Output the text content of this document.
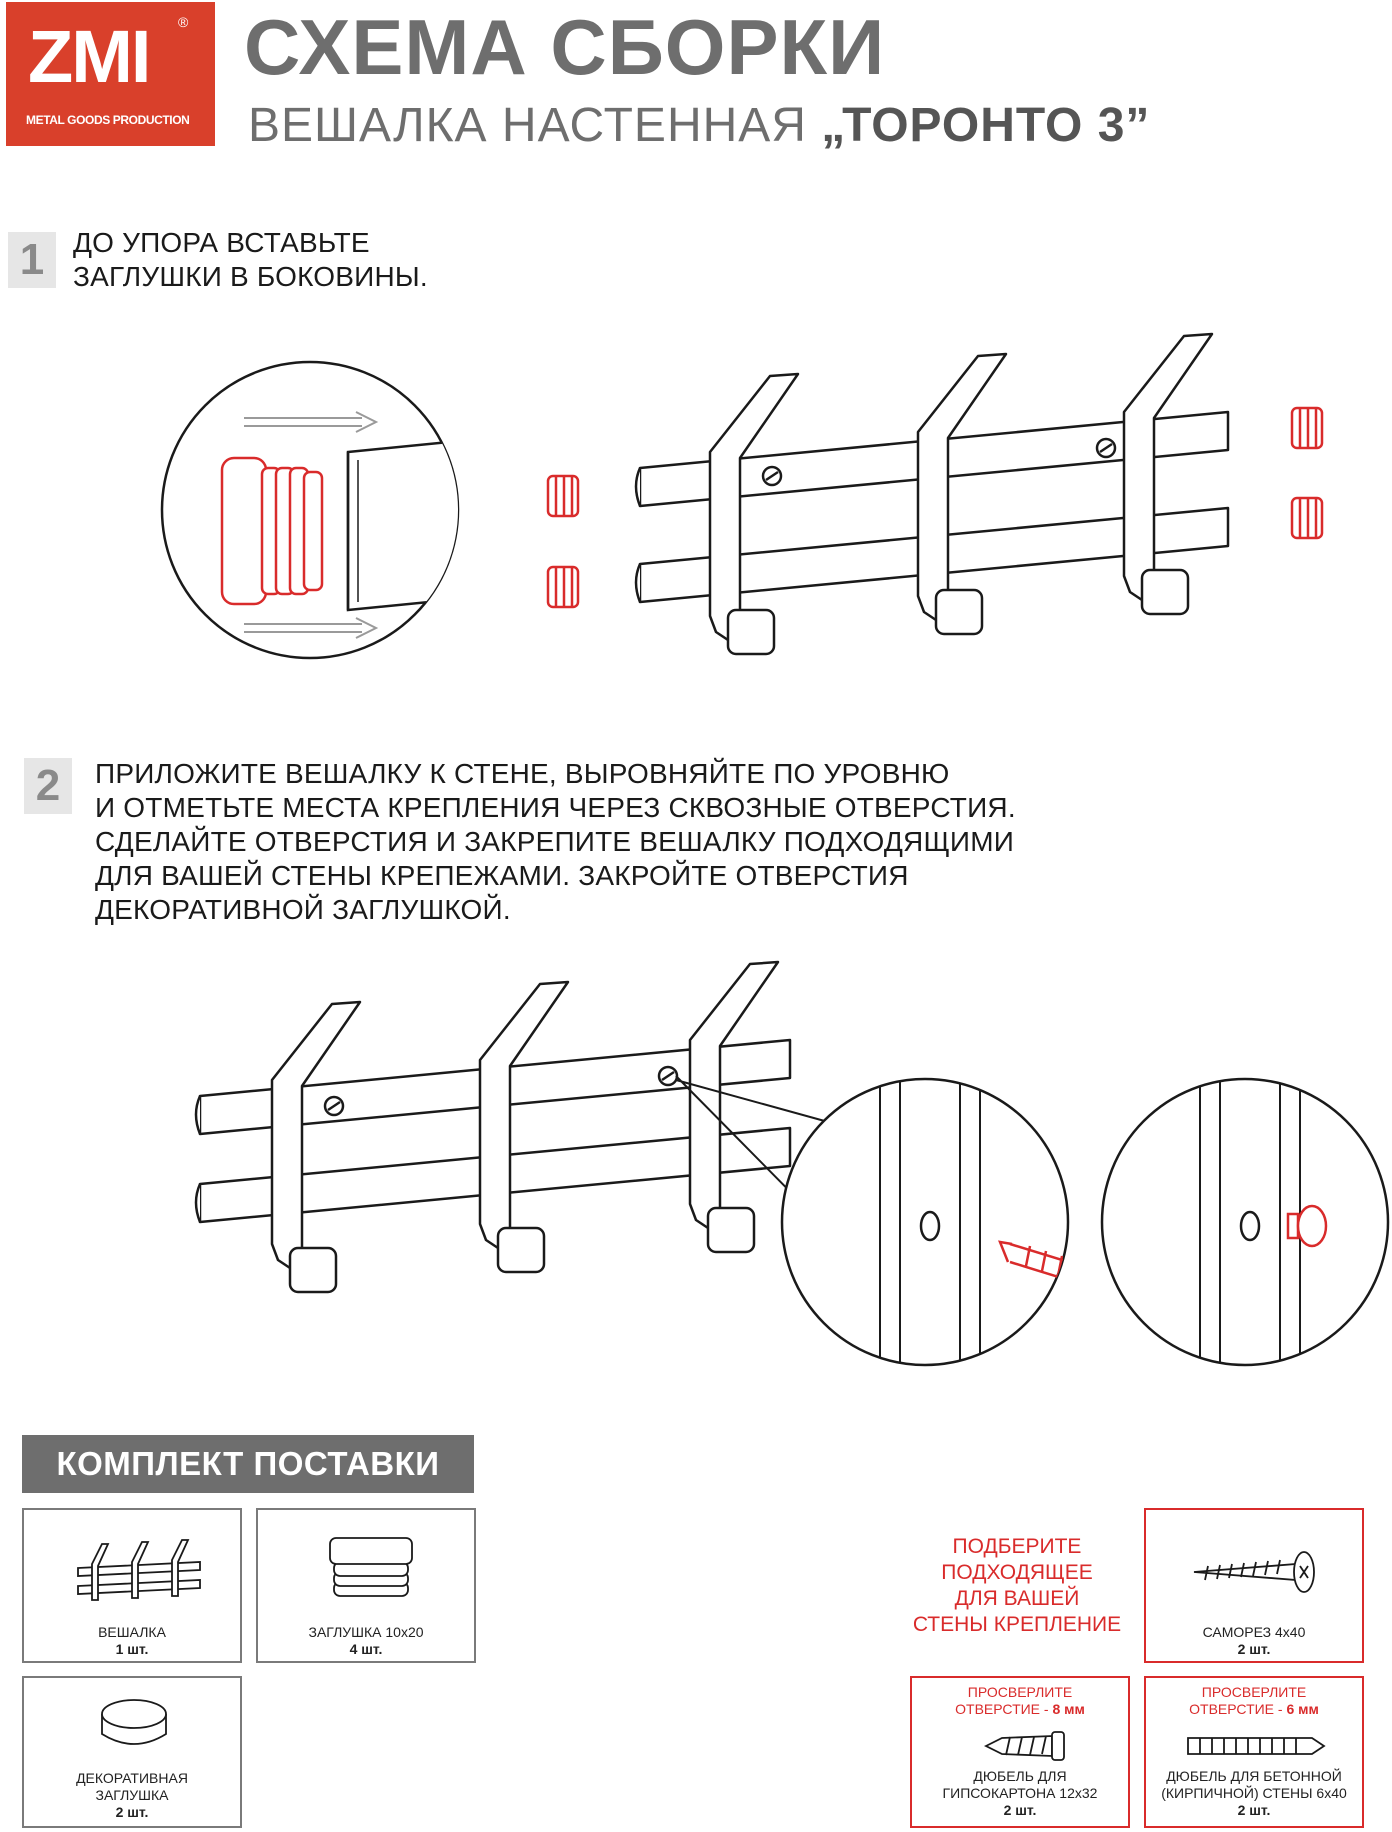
ZMI ®
METAL GOODS PRODUCTION
СХЕМА СБОРКИ
ВЕШАЛКА НАСТЕННАЯ „ТОРОНТО 3”
1	ДО УПОРА ВСТАВЬТЕ
ЗАГЛУШКИ В БОКОВИНЫ.
2	ПРИЛОЖИТЕ ВЕШАЛКУ К СТЕНЕ, ВЫРОВНЯЙТЕ ПО УРОВНЮ
И ОТМЕТЬТЕ МЕСТА КРЕПЛЕНИЯ ЧЕРЕЗ СКВОЗНЫЕ ОТВЕРСТИЯ.
СДЕЛАЙТЕ ОТВЕРСТИЯ И ЗАКРЕПИТЕ ВЕШАЛКУ ПОДХОДЯЩИМИ
ДЛЯ ВАШЕЙ СТЕНЫ КРЕПЕЖАМИ. ЗАКРОЙТЕ ОТВЕРСТИЯ
ДЕКОРАТИВНОЙ ЗАГЛУШКОЙ.
КОМПЛЕКТ ПОСТАВКИ
ВЕШАЛКА
1 шт.
ЗАГЛУШКА 10х20
4 шт.
ДЕКОРАТИВНАЯ
ЗАГЛУШКА
2 шт.
ПОДБЕРИТЕ
ПОДХОДЯЩЕЕ
ДЛЯ ВАШЕЙ
СТЕНЫ КРЕПЛЕНИЕ	САМОРЕЗ 4х40
2 шт.
ПРОСВЕРЛИТЕ
ОТВЕРСТИЕ - 8 мм
ДЮБЕЛЬ ДЛЯ
ГИПСОКАРТОНА 12х32
2 шт.
ПРОСВЕРЛИТЕ
ОТВЕРСТИЕ - 6 мм
ДЮБЕЛЬ ДЛЯ БЕТОННОЙ
(КИРПИЧНОЙ) СТЕНЫ 6х40
2 шт.
